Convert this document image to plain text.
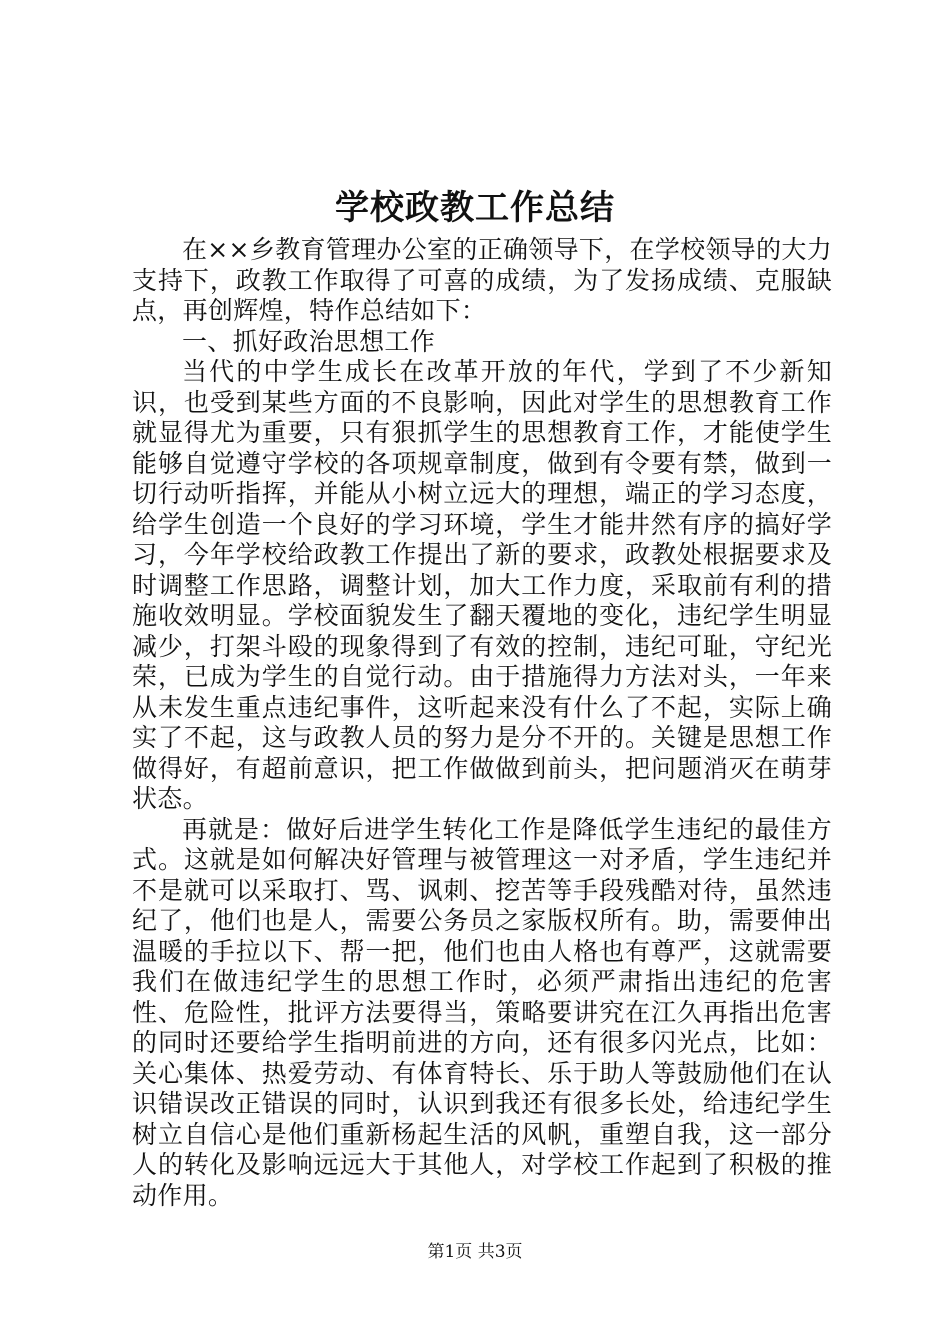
学校政教工作总结

在××乡教育管理办公室的正确领导下，在学校领导的大力支持下，政教工作取得了可喜的成绩，为了发扬成绩、克服缺点，再创辉煌，特作总结如下：

一、抓好政治思想工作

当代的中学生成长在改革开放的年代，学到了不少新知识，也受到某些方面的不良影响，因此对学生的思想教育工作就显得尤为重要，只有狠抓学生的思想教育工作，才能使学生能够自觉遵守学校的各项规章制度，做到有令要有禁，做到一切行动听指挥，并能从小树立远大的理想，端正的学习态度，给学生创造一个良好的学习环境，学生才能井然有序的搞好学习，今年学校给政教工作提出了新的要求，政教处根据要求及时调整工作思路，调整计划，加大工作力度，采取前有利的措施收效明显。学校面貌发生了翻天覆地的变化，违纪学生明显减少，打架斗殴的现象得到了有效的控制，违纪可耻，守纪光荣，已成为学生的自觉行动。由于措施得力方法对头，一年来从未发生重点违纪事件，这听起来没有什么了不起，实际上确实了不起，这与政教人员的努力是分不开的。关键是思想工作做得好，有超前意识，把工作做做到前头，把问题消灭在萌芽状态。

再就是：做好后进学生转化工作是降低学生违纪的最佳方式。这就是如何解决好管理与被管理这一对矛盾，学生违纪并不是就可以采取打、骂、讽刺、挖苦等手段残酷对待，虽然违纪了，他们也是人，需要公务员之家版权所有。助，需要伸出温暖的手拉以下、帮一把，他们也由人格也有尊严，这就需要我们在做违纪学生的思想工作时，必须严肃指出违纪的危害性、危险性，批评方法要得当，策略要讲究在江久再指出危害的同时还要给学生指明前进的方向，还有很多闪光点，比如：关心集体、热爱劳动、有体育特长、乐于助人等鼓励他们在认识错误改正错误的同时，认识到我还有很多长处，给违纪学生树立自信心是他们重新杨起生活的风帆，重塑自我，这一部分人的转化及影响远远大于其他人，对学校工作起到了积极的推动作用。

第1页 共3页
